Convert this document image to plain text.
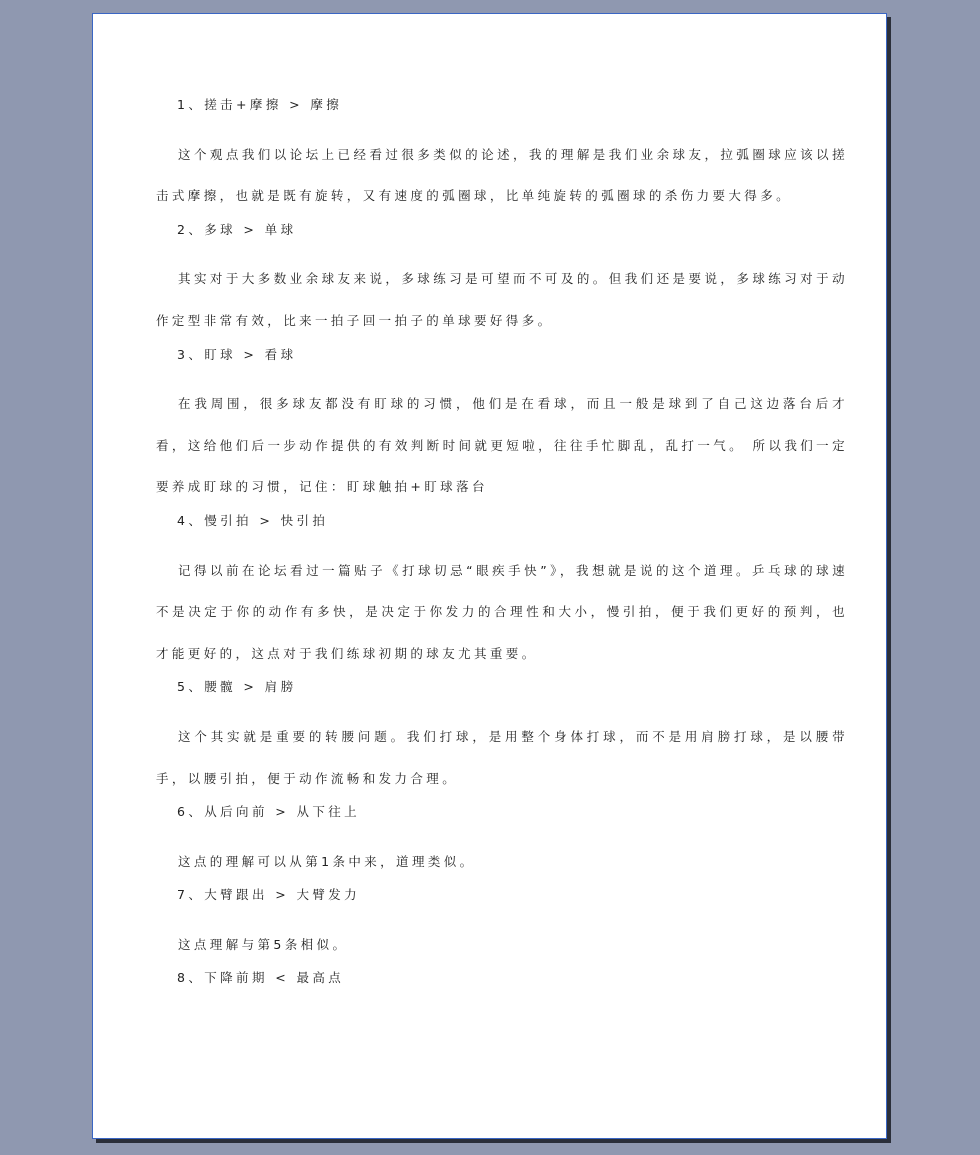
1、搓击+摩擦 > 摩擦

这个观点我们以论坛上已经看过很多类似的论述，我的理解是我们业余球友，拉弧圈球应该以搓击式摩擦，也就是既有旋转，又有速度的弧圈球，比单纯旋转的弧圈球的杀伤力要大得多。

2、多球 > 单球

其实对于大多数业余球友来说，多球练习是可望而不可及的。但我们还是要说，多球练习对于动作定型非常有效，比来一拍子回一拍子的单球要好得多。

3、盯球 > 看球

在我周围，很多球友都没有盯球的习惯，他们是在看球，而且一般是球到了自己这边落台后才看，这给他们后一步动作提供的有效判断时间就更短啦，往往手忙脚乱，乱打一气。 所以我们一定要养成盯球的习惯，记住：盯球触拍+盯球落台

4、慢引拍 > 快引拍

记得以前在论坛看过一篇贴子《打球切忌“眼疾手快”》，我想就是说的这个道理。乒乓球的球速不是决定于你的动作有多快，是决定于你发力的合理性和大小，慢引拍，便于我们更好的预判，也才能更好的，这点对于我们练球初期的球友尤其重要。

5、腰髋 > 肩膀

这个其实就是重要的转腰问题。我们打球，是用整个身体打球，而不是用肩膀打球，是以腰带手，以腰引拍，便于动作流畅和发力合理。

6、从后向前 > 从下往上

这点的理解可以从第1条中来，道理类似。

7、大臂跟出 > 大臂发力

这点理解与第5条相似。

8、下降前期 < 最高点
